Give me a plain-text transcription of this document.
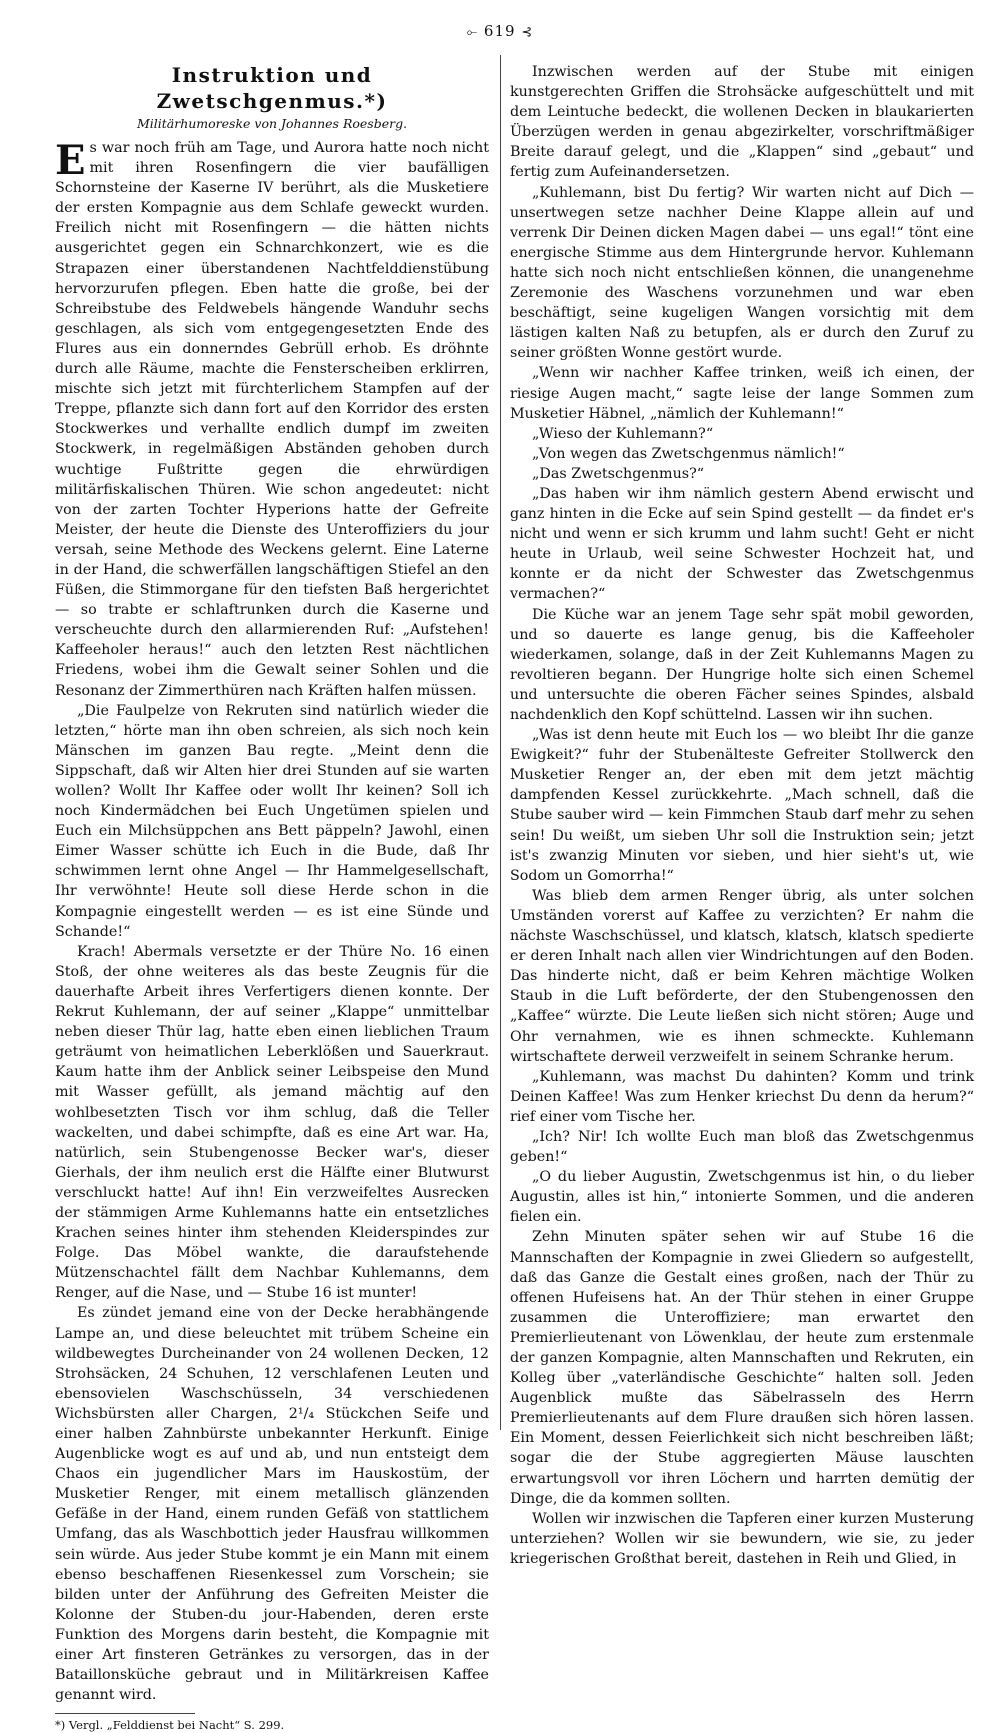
⟜ 619 ⊰
Instruktion und Zwetschgenmus.*)
Militärhumoreske von Johannes Roesberg.

Es war noch früh am Tage, und Aurora hatte noch nicht mit ihren Rosenfingern die vier baufälligen Schornsteine der Kaserne IV berührt, als die Musketiere der ersten Kompagnie aus dem Schlafe geweckt wurden. Freilich nicht mit Rosenfingern — die hätten nichts ausgerichtet gegen ein Schnarchkonzert, wie es die Strapazen einer überstandenen Nachtfelddienstübung hervorzurufen pflegen. Eben hatte die große, bei der Schreibstube des Feldwebels hängende Wanduhr sechs geschlagen, als sich vom entgegengesetzten Ende des Flures aus ein donnerndes Gebrüll erhob. Es dröhnte durch alle Räume, machte die Fensterscheiben erklirren, mischte sich jetzt mit fürchterlichem Stampfen auf der Treppe, pflanzte sich dann fort auf den Korridor des ersten Stockwerkes und verhallte endlich dumpf im zweiten Stockwerk, in regelmäßigen Abständen gehoben durch wuchtige Fußtritte gegen die ehrwürdigen militärfiskalischen Thüren. Wie schon angedeutet: nicht von der zarten Tochter Hyperions hatte der Gefreite Meister, der heute die Dienste des Unteroffiziers du jour versah, seine Methode des Weckens gelernt. Eine Laterne in der Hand, die schwerfällen langschäftigen Stiefel an den Füßen, die Stimmorgane für den tiefsten Baß hergerichtet — so trabte er schlaftrunken durch die Kaserne und verscheuchte durch den allarmierenden Ruf: „Aufstehen! Kaffeeholer heraus!“ auch den letzten Rest nächtlichen Friedens, wobei ihm die Gewalt seiner Sohlen und die Resonanz der Zimmerthüren nach Kräften halfen müssen.

„Die Faulpelze von Rekruten sind natürlich wieder die letzten,“ hörte man ihn oben schreien, als sich noch kein Mänschen im ganzen Bau regte. „Meint denn die Sippschaft, daß wir Alten hier drei Stunden auf sie warten wollen? Wollt Ihr Kaffee oder wollt Ihr keinen? Soll ich noch Kindermädchen bei Euch Ungetümen spielen und Euch ein Milchsüppchen ans Bett päppeln? Jawohl, einen Eimer Wasser schütte ich Euch in die Bude, daß Ihr schwimmen lernt ohne Angel — Ihr Hammelgesellschaft, Ihr verwöhnte! Heute soll diese Herde schon in die Kompagnie eingestellt werden — es ist eine Sünde und Schande!“

Krach! Abermals versetzte er der Thüre No. 16 einen Stoß, der ohne weiteres als das beste Zeugnis für die dauerhafte Arbeit ihres Verfertigers dienen konnte. Der Rekrut Kuhlemann, der auf seiner „Klappe“ unmittelbar neben dieser Thür lag, hatte eben einen lieblichen Traum geträumt von heimatlichen Leberklößen und Sauerkraut. Kaum hatte ihm der Anblick seiner Leibspeise den Mund mit Wasser gefüllt, als jemand mächtig auf den wohlbesetzten Tisch vor ihm schlug, daß die Teller wackelten, und dabei schimpfte, daß es eine Art war. Ha, natürlich, sein Stubengenosse Becker war's, dieser Gierhals, der ihm neulich erst die Hälfte einer Blutwurst verschluckt hatte! Auf ihn! Ein verzweifeltes Ausrecken der stämmigen Arme Kuhlemanns hatte ein entsetzliches Krachen seines hinter ihm stehenden Kleiderspindes zur Folge. Das Möbel wankte, die daraufstehende Mützenschachtel fällt dem Nachbar Kuhlemanns, dem Renger, auf die Nase, und — Stube 16 ist munter!

Es zündet jemand eine von der Decke herabhängende Lampe an, und diese beleuchtet mit trübem Scheine ein wildbewegtes Durcheinander von 24 wollenen Decken, 12 Strohsäcken, 24 Schuhen, 12 verschlafenen Leuten und ebensovielen Waschschüsseln, 34 verschiedenen Wichsbürsten aller Chargen, 2¹/₄ Stückchen Seife und einer halben Zahnbürste unbekannter Herkunft. Einige Augenblicke wogt es auf und ab, und nun entsteigt dem Chaos ein jugendlicher Mars im Hauskostüm, der Musketier Renger, mit einem metallisch glänzenden Gefäße in der Hand, einem runden Gefäß von stattlichem Umfang, das als Waschbottich jeder Hausfrau willkommen sein würde. Aus jeder Stube kommt je ein Mann mit einem ebenso beschaffenen Riesenkessel zum Vorschein; sie bilden unter der Anführung des Gefreiten Meister die Kolonne der Stuben-du jour-Habenden, deren erste Funktion des Morgens darin besteht, die Kompagnie mit einer Art finsteren Getränkes zu versorgen, das in der Bataillonsküche gebraut und in Militärkreisen Kaffee genannt wird.

*) Vergl. „Felddienst bei Nacht“ S. 299.

Inzwischen werden auf der Stube mit einigen kunstgerechten Griffen die Strohsäcke aufgeschüttelt und mit dem Leintuche bedeckt, die wollenen Decken in blaukarierten Überzügen werden in genau abgezirkelter, vorschriftmäßiger Breite darauf gelegt, und die „Klappen“ sind „gebaut“ und fertig zum Aufeinandersetzen.

„Kuhlemann, bist Du fertig? Wir warten nicht auf Dich — unsertwegen setze nachher Deine Klappe allein auf und verrenk Dir Deinen dicken Magen dabei — uns egal!“ tönt eine energische Stimme aus dem Hintergrunde hervor. Kuhlemann hatte sich noch nicht entschließen können, die unangenehme Zeremonie des Waschens vorzunehmen und war eben beschäftigt, seine kugeligen Wangen vorsichtig mit dem lästigen kalten Naß zu betupfen, als er durch den Zuruf zu seiner größten Wonne gestört wurde.

„Wenn wir nachher Kaffee trinken, weiß ich einen, der riesige Augen macht,“ sagte leise der lange Sommen zum Musketier Häbnel, „nämlich der Kuhlemann!“

„Wieso der Kuhlemann?“

„Von wegen das Zwetschgenmus nämlich!“

„Das Zwetschgenmus?“

„Das haben wir ihm nämlich gestern Abend erwischt und ganz hinten in die Ecke auf sein Spind gestellt — da findet er's nicht und wenn er sich krumm und lahm sucht! Geht er nicht heute in Urlaub, weil seine Schwester Hochzeit hat, und konnte er da nicht der Schwester das Zwetschgenmus vermachen?“

Die Küche war an jenem Tage sehr spät mobil geworden, und so dauerte es lange genug, bis die Kaffeeholer wiederkamen, solange, daß in der Zeit Kuhlemanns Magen zu revoltieren begann. Der Hungrige holte sich einen Schemel und untersuchte die oberen Fächer seines Spindes, alsbald nachdenklich den Kopf schüttelnd. Lassen wir ihn suchen.

„Was ist denn heute mit Euch los — wo bleibt Ihr die ganze Ewigkeit?“ fuhr der Stubenälteste Gefreiter Stollwerck den Musketier Renger an, der eben mit dem jetzt mächtig dampfenden Kessel zurückkehrte. „Mach schnell, daß die Stube sauber wird — kein Fimmchen Staub darf mehr zu sehen sein! Du weißt, um sieben Uhr soll die Instruktion sein; jetzt ist's zwanzig Minuten vor sieben, und hier sieht's ut, wie Sodom un Gomorrha!“

Was blieb dem armen Renger übrig, als unter solchen Umständen vorerst auf Kaffee zu verzichten? Er nahm die nächste Waschschüssel, und klatsch, klatsch, klatsch spedierte er deren Inhalt nach allen vier Windrichtungen auf den Boden. Das hinderte nicht, daß er beim Kehren mächtige Wolken Staub in die Luft beförderte, der den Stubengenossen den „Kaffee“ würzte. Die Leute ließen sich nicht stören; Auge und Ohr vernahmen, wie es ihnen schmeckte. Kuhlemann wirtschaftete derweil verzweifelt in seinem Schranke herum.

„Kuhlemann, was machst Du dahinten? Komm und trink Deinen Kaffee! Was zum Henker kriechst Du denn da herum?“ rief einer vom Tische her.

„Ich? Nir! Ich wollte Euch man bloß das Zwetschgenmus geben!“

„O du lieber Augustin, Zwetschgenmus ist hin, o du lieber Augustin, alles ist hin,“ intonierte Sommen, und die anderen fielen ein.

Zehn Minuten später sehen wir auf Stube 16 die Mannschaften der Kompagnie in zwei Gliedern so aufgestellt, daß das Ganze die Gestalt eines großen, nach der Thür zu offenen Hufeisens hat. An der Thür stehen in einer Gruppe zusammen die Unteroffiziere; man erwartet den Premierlieutenant von Löwenklau, der heute zum erstenmale der ganzen Kompagnie, alten Mannschaften und Rekruten, ein Kolleg über „vaterländische Geschichte“ halten soll. Jeden Augenblick mußte das Säbelrasseln des Herrn Premierlieutenants auf dem Flure draußen sich hören lassen. Ein Moment, dessen Feierlichkeit sich nicht beschreiben läßt; sogar die der Stube aggregierten Mäuse lauschten erwartungsvoll vor ihren Löchern und harrten demütig der Dinge, die da kommen sollten.

Wollen wir inzwischen die Tapferen einer kurzen Musterung unterziehen? Wollen wir sie bewundern, wie sie, zu jeder kriegerischen Großthat bereit, dastehen in Reih und Glied, in
